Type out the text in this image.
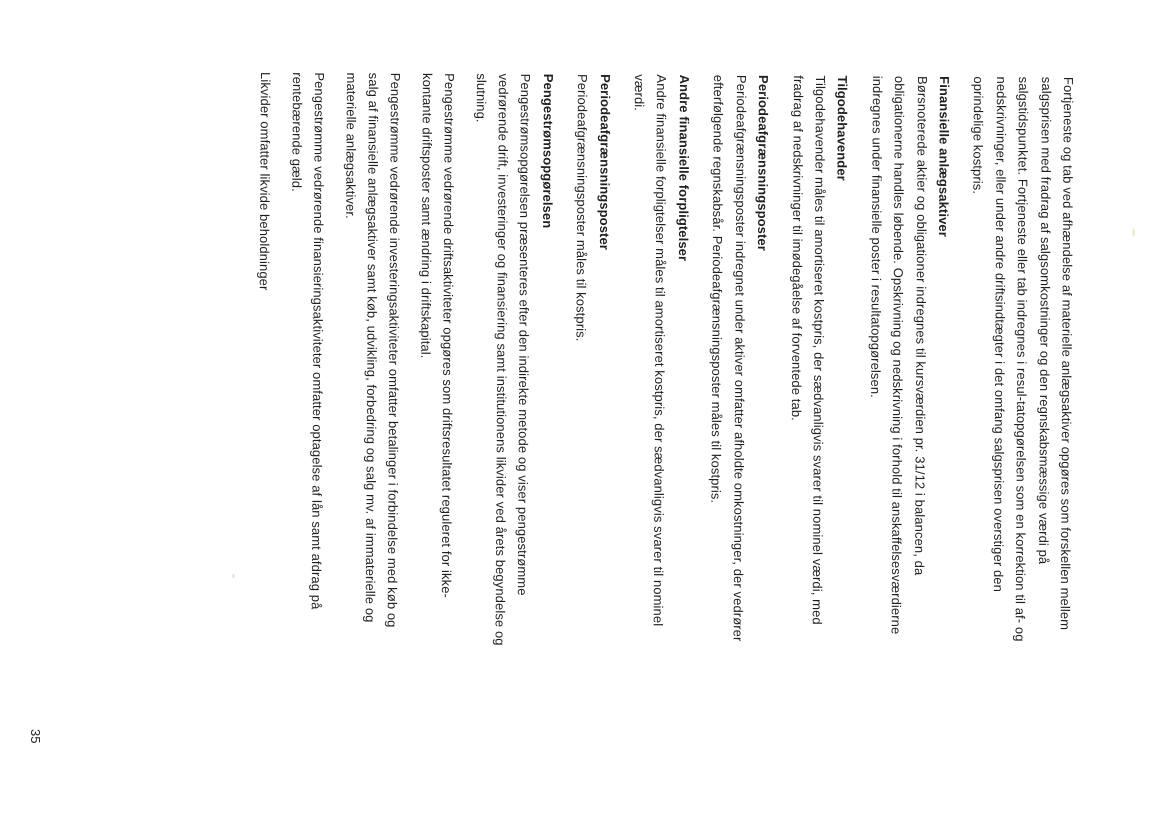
Fortjeneste og tab ved afhændelse af materielle anlægsaktiver opgøres som forskellen mellem
salgsprisen med fradrag af salgsomkostninger og den regnskabsmæssige værdi på
salgstidspunktet. Fortjeneste eller tab indregnes i resul-tatopgørelsen som en korrektion til af- og
nedskrivninger, eller under andre driftsindtægter i det omfang salgsprisen overstiger den
oprindelige kostpris.

Finansielle anlægsaktiver

Børsnoterede aktier og obligationer indregnes til kursværdien pr. 31/12 i balancen, da
obligationerne handles løbende. Opskrivning og nedskrivning i forhold til anskaffelsesværdierne
indregnes under finansielle poster i resultatopgørelsen.

Tilgodehavender

Tilgodehavender måles til amortiseret kostpris, der sædvanligvis svarer til nominel værdi, med
fradrag af nedskrivninger til imødegåelse af forventede tab.

Periodeafgrænsningsposter

Periodeafgrænsningsposter indregnet under aktiver omfatter afholdte omkostninger, der vedrører
efterfølgende regnskabsår. Periodeafgrænsningsposter måles til kostpris.

Andre finansielle forpligtelser

Andre finansielle forpligtelser måles til amortiseret kostpris, der sædvanligvis svarer til nominel
værdi.

Periodeafgrænsningsposter

Periodeafgrænsningsposter måles til kostpris.

Pengestrømsopgørelsen

Pengestrømsopgørelsen præsenteres efter den indirekte metode og viser pengestrømme
vedrørende drift, investeringer og finansiering samt institutionens likvider ved årets begyndelse og
slutning.

Pengestrømme vedrørende driftsaktiviteter opgøres som driftsresultatet reguleret for ikke-
kontante driftsposter samt ændring i driftskapital.

Pengestrømme vedrørende investeringsaktiviteter omfatter betalinger i forbindelse med køb og
salg af finansielle anlægsaktiver samt køb, udvikling, forbedring og salg mv. af immaterielle og
materielle anlægsaktiver.

Pengestrømme vedrørende finansieringsaktiviteter omfatter optagelse af lån samt afdrag på
rentebærende gæld.

Likvider omfatter likvide beholdninger

35
